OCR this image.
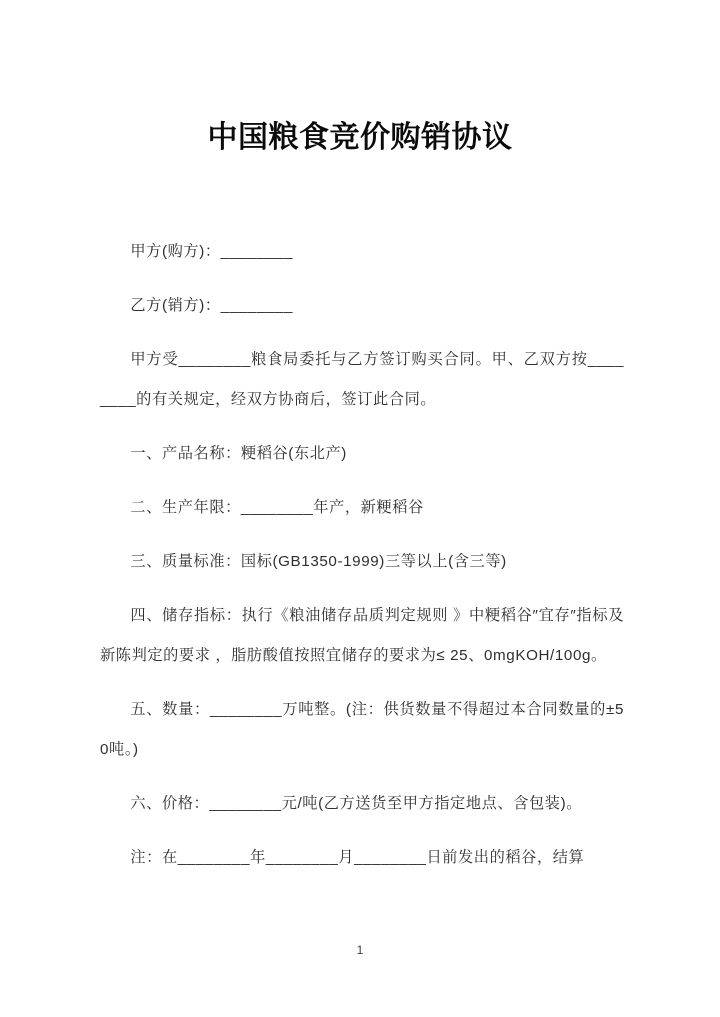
中国粮食竞价购销协议

甲方(购方)：________

乙方(销方)：________

甲方受________粮食局委托与乙方签订购买合同。甲、乙双方按________的有关规定，经双方协商后，签订此合同。

一、产品名称：粳稻谷(东北产)

二、生产年限：________年产，新粳稻谷

三、质量标准：国标(GB1350-1999)三等以上(含三等)

四、储存指标：执行《粮油储存品质判定规则 》中粳稻谷″宜存″指标及新陈判定的要求 ，脂肪酸值按照宜储存的要求为≤ 25、0mgKOH/100g。

五、数量：________万吨整。(注：供货数量不得超过本合同数量的±50吨。)

六、价格：________元/吨(乙方送货至甲方指定地点、含包装)。

注：在________年________月________日前发出的稻谷，结算

1
